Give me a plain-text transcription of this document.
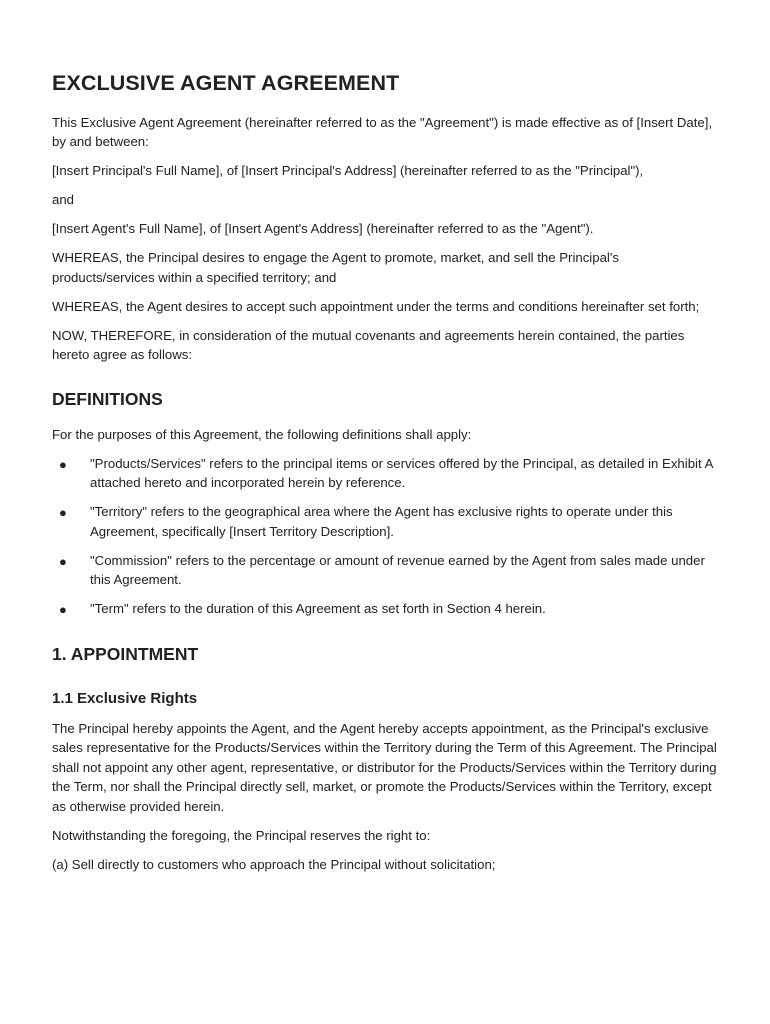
EXCLUSIVE AGENT AGREEMENT

This Exclusive Agent Agreement (hereinafter referred to as the "Agreement") is made effective as of [Insert Date], by and between:

[Insert Principal's Full Name], of [Insert Principal's Address] (hereinafter referred to as the "Principal"),

and

[Insert Agent's Full Name], of [Insert Agent's Address] (hereinafter referred to as the "Agent").

WHEREAS, the Principal desires to engage the Agent to promote, market, and sell the Principal's products/services within a specified territory; and

WHEREAS, the Agent desires to accept such appointment under the terms and conditions hereinafter set forth;

NOW, THEREFORE, in consideration of the mutual covenants and agreements herein contained, the parties hereto agree as follows:

DEFINITIONS

For the purposes of this Agreement, the following definitions shall apply:

● "Products/Services" refers to the principal items or services offered by the Principal, as detailed in Exhibit A attached hereto and incorporated herein by reference.
● "Territory" refers to the geographical area where the Agent has exclusive rights to operate under this Agreement, specifically [Insert Territory Description].
● "Commission" refers to the percentage or amount of revenue earned by the Agent from sales made under this Agreement.
● "Term" refers to the duration of this Agreement as set forth in Section 4 herein.
1. APPOINTMENT
1.1 Exclusive Rights

The Principal hereby appoints the Agent, and the Agent hereby accepts appointment, as the Principal's exclusive sales representative for the Products/Services within the Territory during the Term of this Agreement. The Principal shall not appoint any other agent, representative, or distributor for the Products/Services within the Territory during the Term, nor shall the Principal directly sell, market, or promote the Products/Services within the Territory, except as otherwise provided herein.

Notwithstanding the foregoing, the Principal reserves the right to:

(a) Sell directly to customers who approach the Principal without solicitation;
